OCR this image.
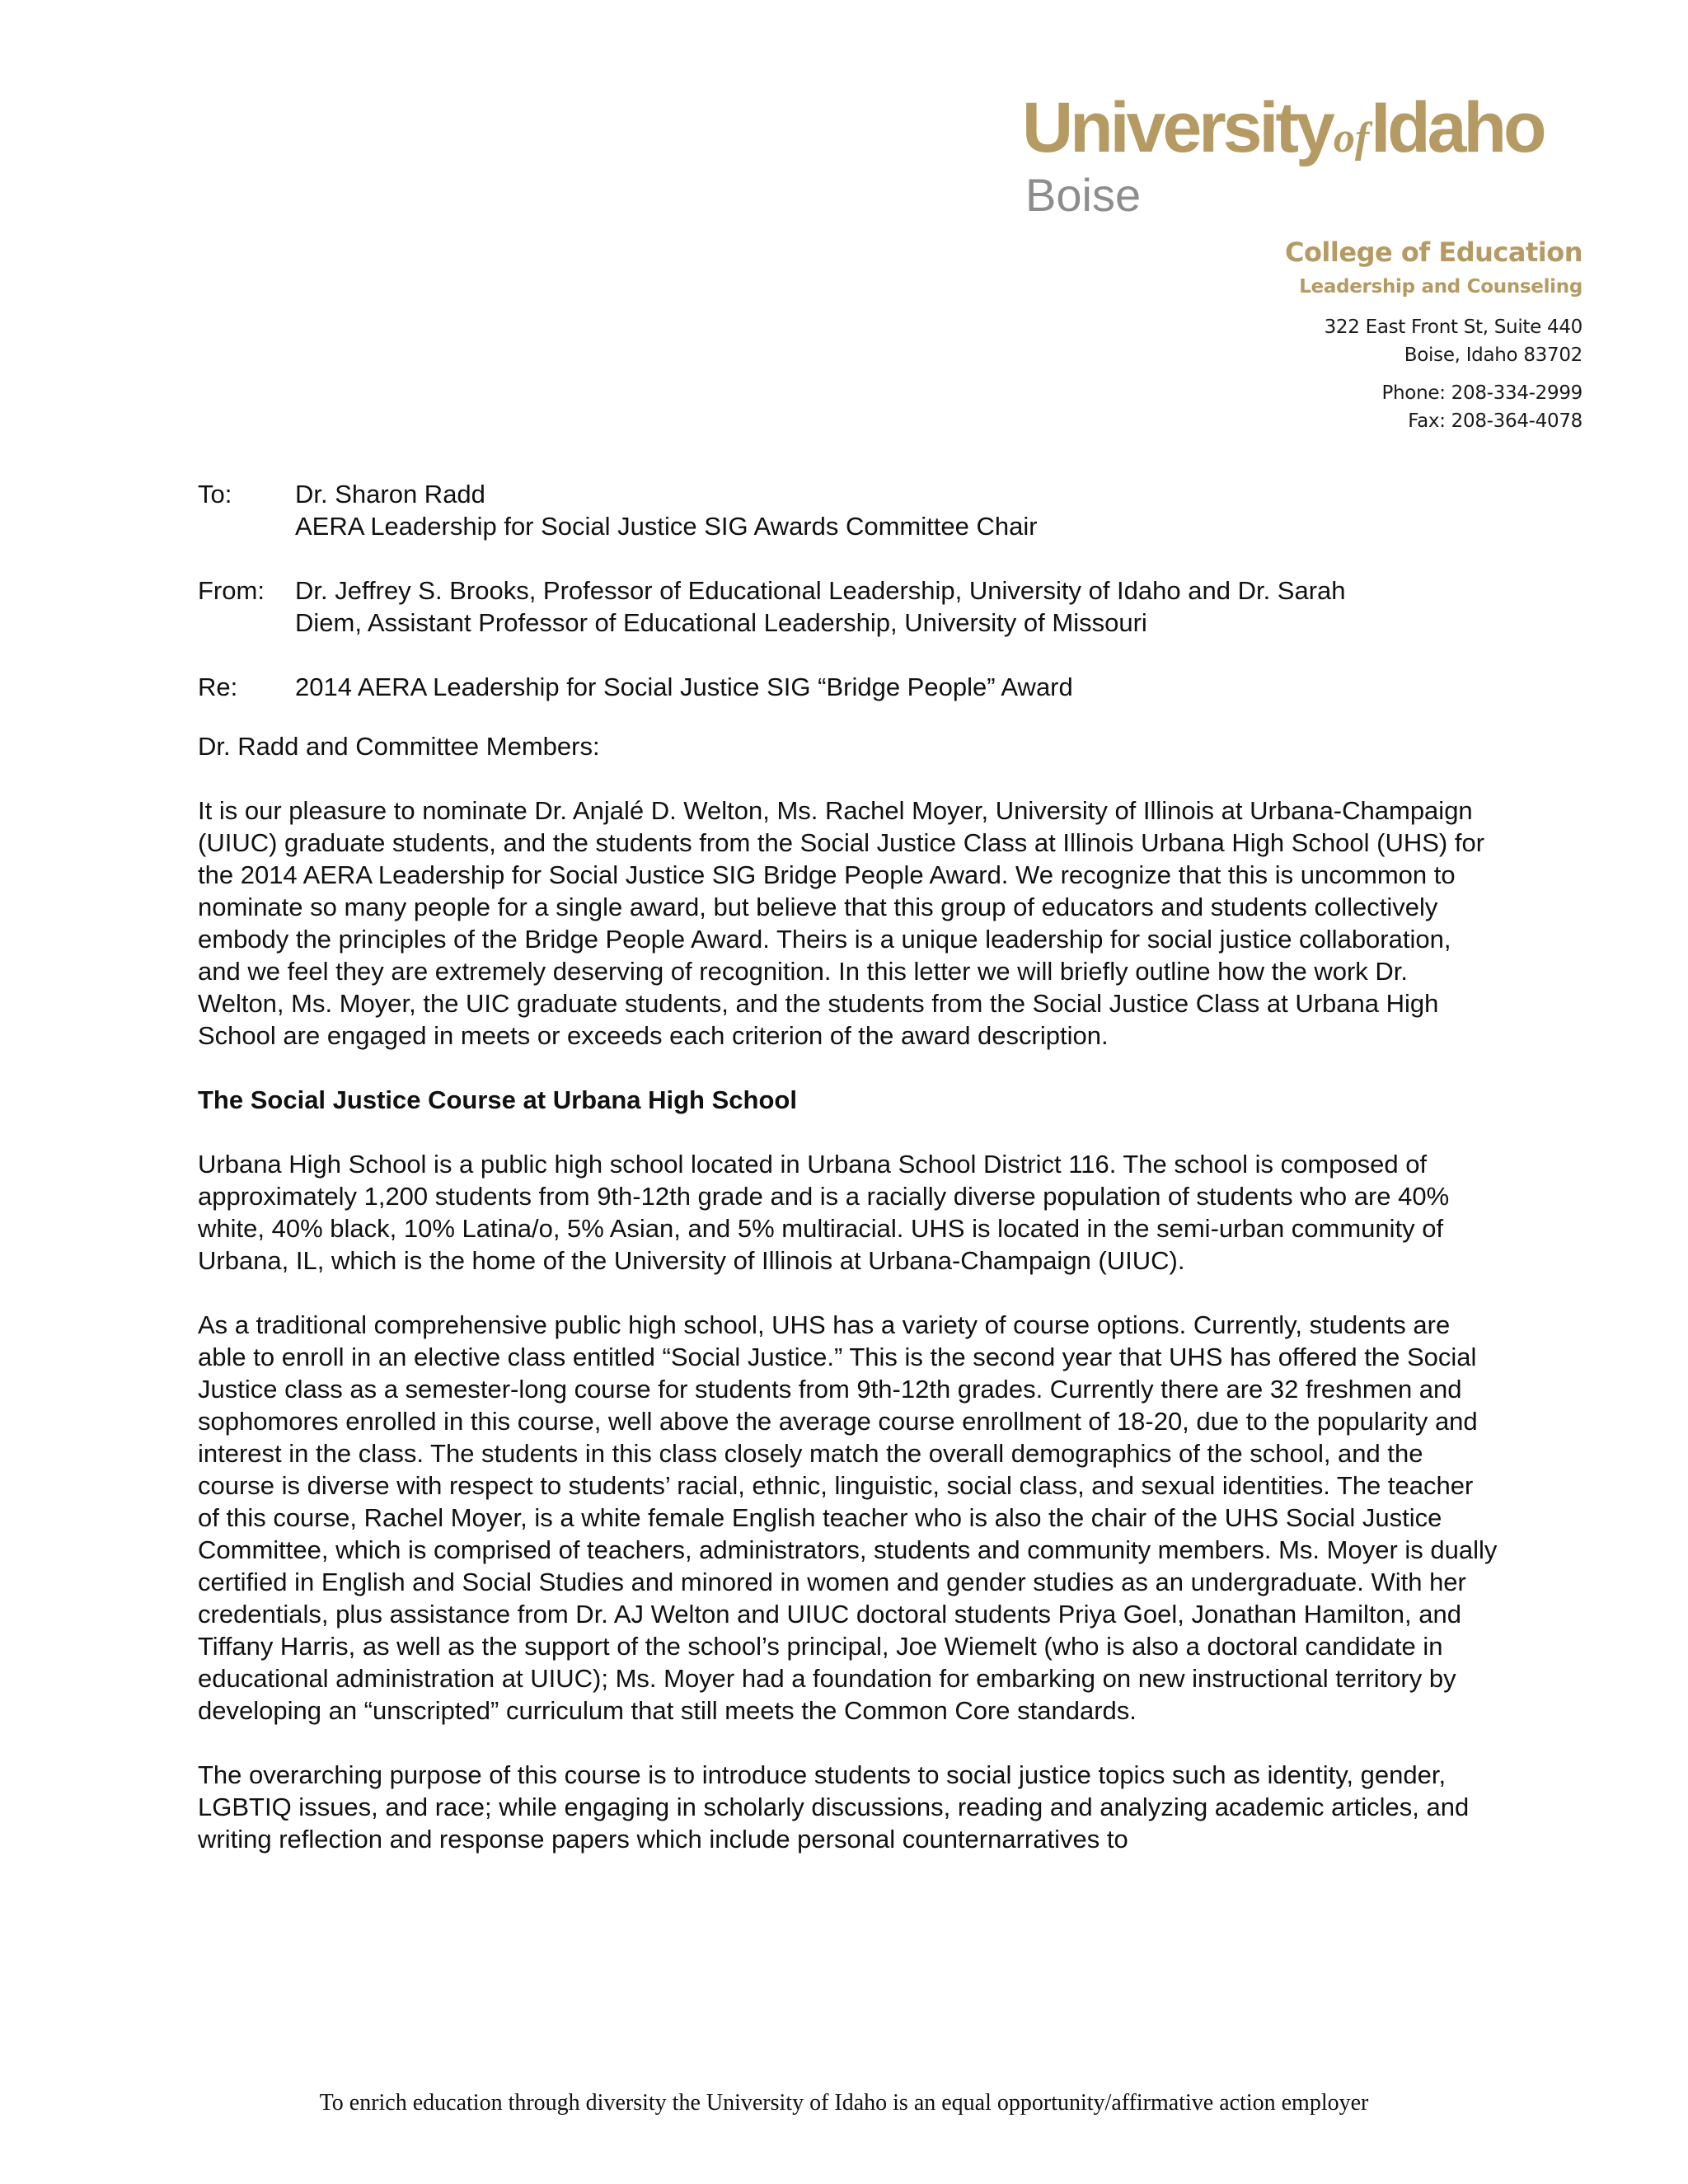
UniversityofIdaho
Boise
College of Education
Leadership and Counseling
322 East Front St, Suite 440
Boise, Idaho 83702
Phone: 208-334-2999
Fax: 208-364-4078
To:	Dr. Sharon Radd
AERA Leadership for Social Justice SIG Awards Committee Chair
From:	Dr. Jeffrey S. Brooks, Professor of Educational Leadership, University of Idaho and Dr. Sarah
Diem, Assistant Professor of Educational Leadership, University of Missouri
Re:	2014 AERA Leadership for Social Justice SIG “Bridge People” Award

Dr. Radd and Committee Members:

It is our pleasure to nominate Dr. Anjalé D. Welton, Ms. Rachel Moyer, University of Illinois at Urbana-Champaign (UIUC) graduate students, and the students from the Social Justice Class at Illinois Urbana High School (UHS) for the 2014 AERA Leadership for Social Justice SIG Bridge People Award. We recognize that this is uncommon to nominate so many people for a single award, but believe that this group of educators and students collectively embody the principles of the Bridge People Award. Theirs is a unique leadership for social justice collaboration, and we feel they are extremely deserving of recognition. In this letter we will briefly outline how the work Dr. Welton, Ms. Moyer, the UIC graduate students, and the students from the Social Justice Class at Urbana High School are engaged in meets or exceeds each criterion of the award description.

The Social Justice Course at Urbana High School

Urbana High School is a public high school located in Urbana School District 116. The school is composed of approximately 1,200 students from 9th-12th grade and is a racially diverse population of students who are 40% white, 40% black, 10% Latina/o, 5% Asian, and 5% multiracial. UHS is located in the semi-urban community of Urbana, IL, which is the home of the University of Illinois at Urbana-Champaign (UIUC).

As a traditional comprehensive public high school, UHS has a variety of course options. Currently, students are able to enroll in an elective class entitled “Social Justice.” This is the second year that UHS has offered the Social Justice class as a semester-long course for students from 9th-12th grades. Currently there are 32 freshmen and sophomores enrolled in this course, well above the average course enrollment of 18-20, due to the popularity and interest in the class. The students in this class closely match the overall demographics of the school, and the course is diverse with respect to students’ racial, ethnic, linguistic, social class, and sexual identities. The teacher of this course, Rachel Moyer, is a white female English teacher who is also the chair of the UHS Social Justice Committee, which is comprised of teachers, administrators, students and community members. Ms. Moyer is dually certified in English and Social Studies and minored in women and gender studies as an undergraduate. With her credentials, plus assistance from Dr. AJ Welton and UIUC doctoral students Priya Goel, Jonathan Hamilton, and Tiffany Harris, as well as the support of the school’s principal, Joe Wiemelt (who is also a doctoral candidate in educational administration at UIUC); Ms. Moyer had a foundation for embarking on new instructional territory by developing an “unscripted” curriculum that still meets the Common Core standards.

The overarching purpose of this course is to introduce students to social justice topics such as identity, gender, LGBTIQ issues, and race; while engaging in scholarly discussions, reading and analyzing academic articles, and writing reflection and response papers which include personal counternarratives to

To enrich education through diversity the University of Idaho is an equal opportunity/affirmative action employer
